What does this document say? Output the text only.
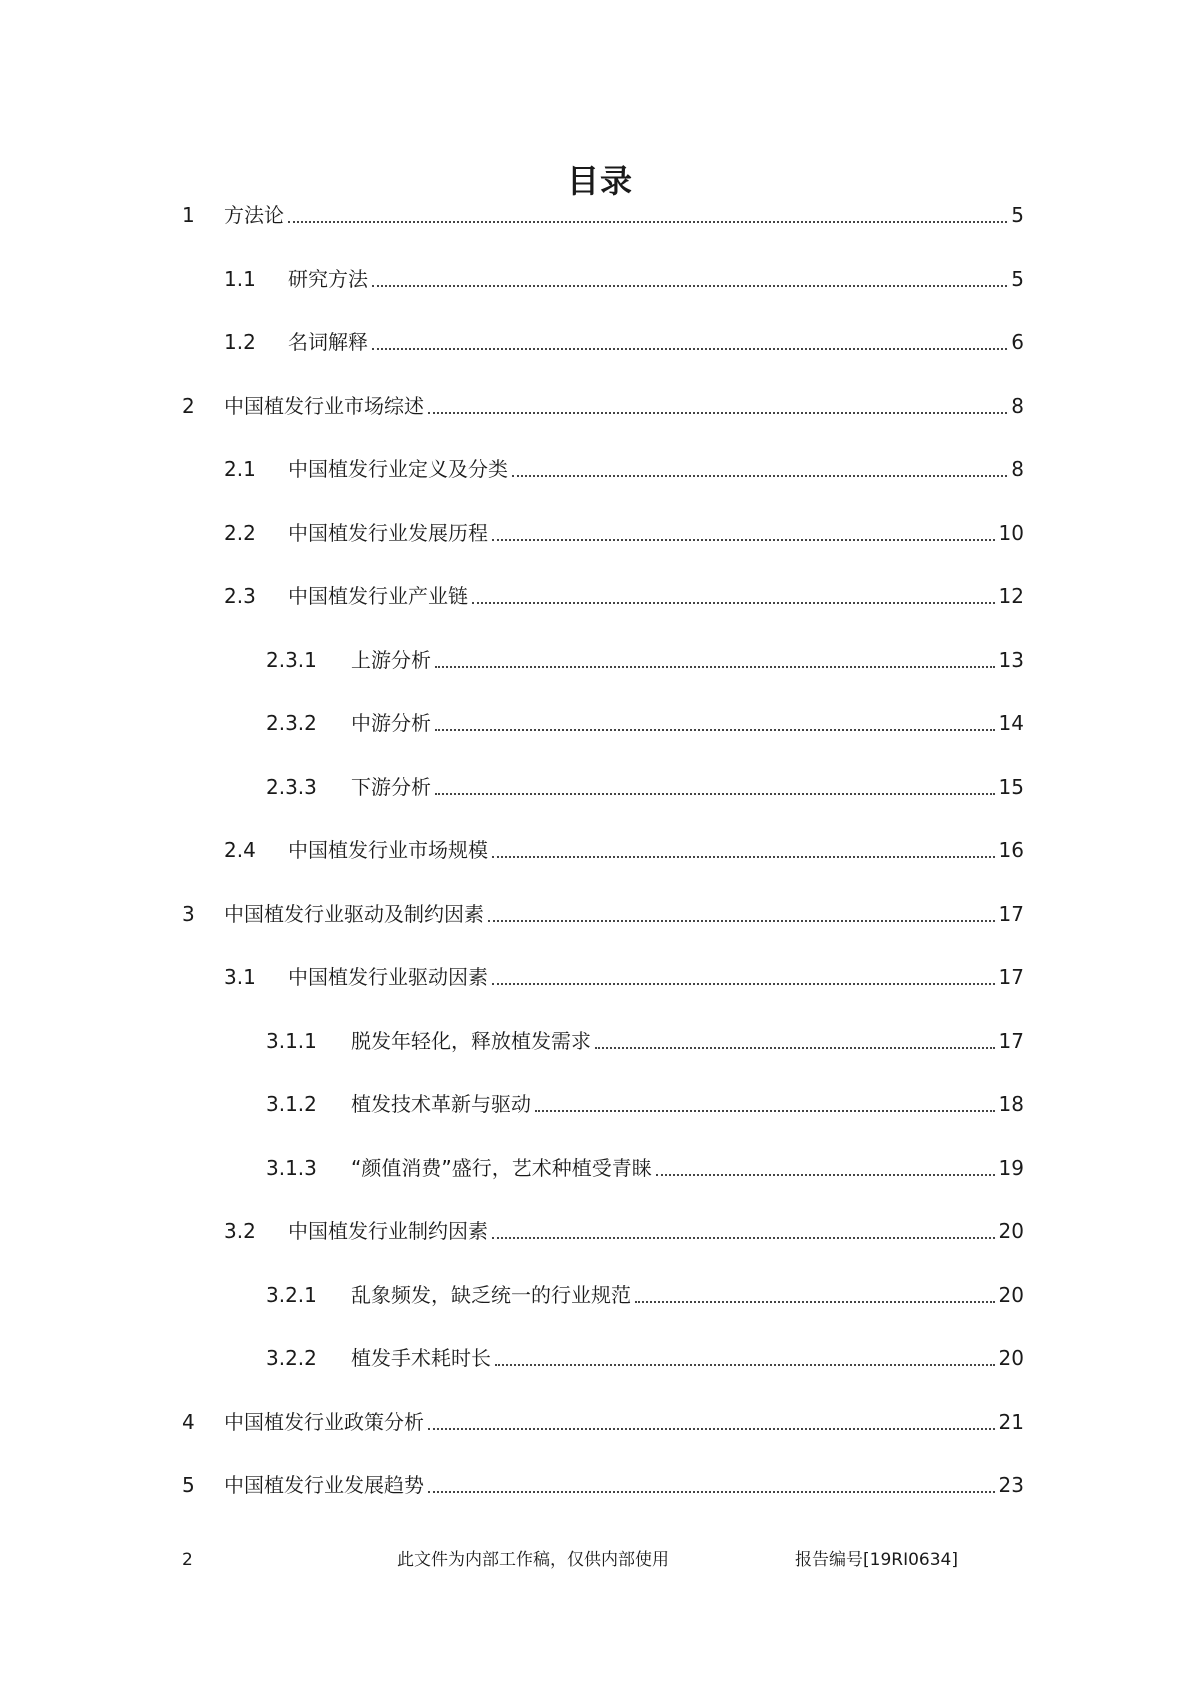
目录
1 方法论	5
1.1 研究方法	5
1.2 名词解释	6
2 中国植发行业市场综述	8
2.1 中国植发行业定义及分类	8
2.2 中国植发行业发展历程	10
2.3 中国植发行业产业链	12
2.3.1 上游分析	13
2.3.2 中游分析	14
2.3.3 下游分析	15
2.4 中国植发行业市场规模	16
3 中国植发行业驱动及制约因素	17
3.1 中国植发行业驱动因素	17
3.1.1 脱发年轻化，释放植发需求	17
3.1.2 植发技术革新与驱动	18
3.1.3 “颜值消费”盛行，艺术种植受青睐	19
3.2 中国植发行业制约因素	20
3.2.1 乱象频发，缺乏统一的行业规范	20
3.2.2 植发手术耗时长	20
4 中国植发行业政策分析	21
5 中国植发行业发展趋势	23
2	此文件为内部工作稿，仅供内部使用	报告编号[19RI0634]
